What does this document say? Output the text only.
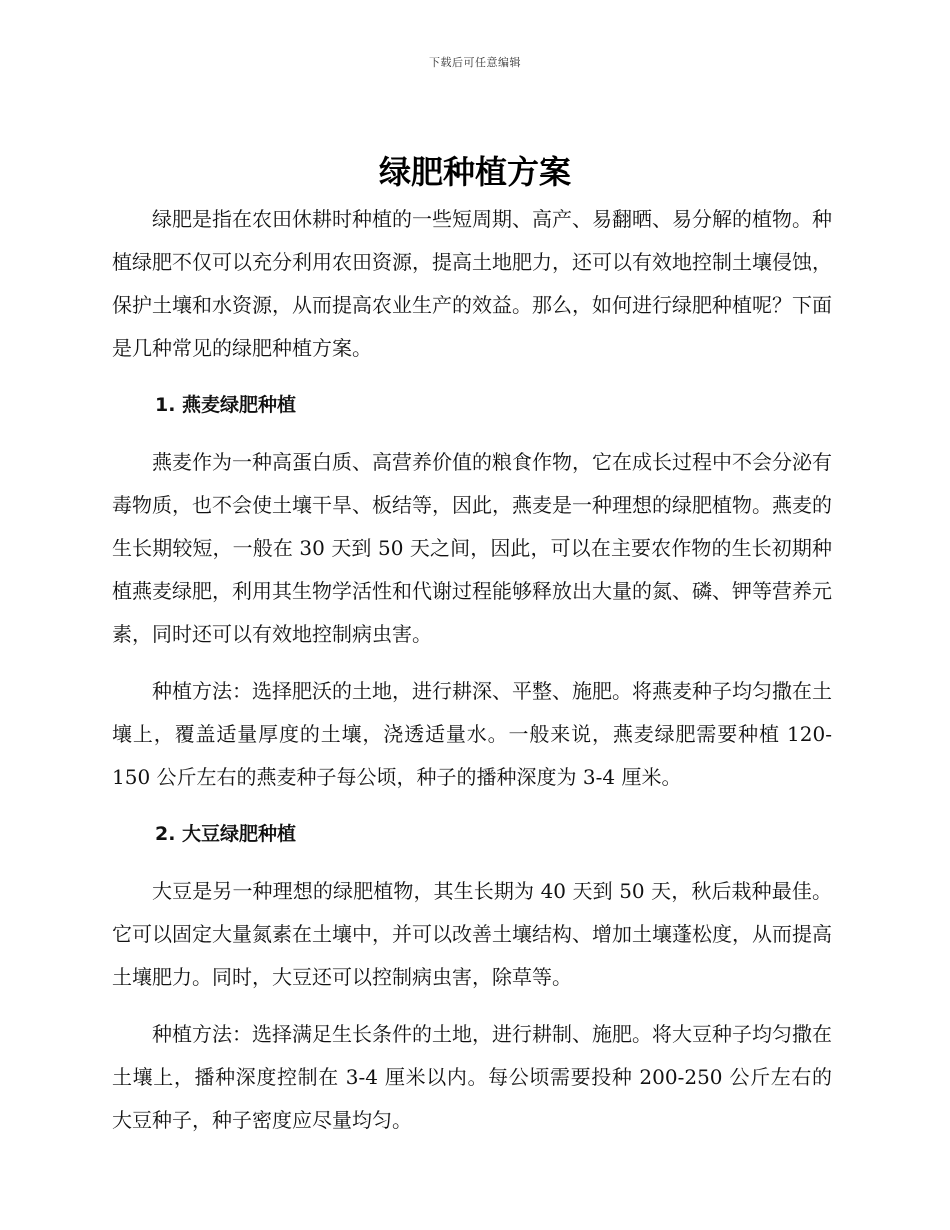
下载后可任意编辑
绿肥种植方案

绿肥是指在农田休耕时种植的一些短周期、高产、易翻晒、易分解的植物。种植绿肥不仅可以充分利用农田资源，提高土地肥力，还可以有效地控制土壤侵蚀，保护土壤和水资源，从而提高农业生产的效益。那么，如何进行绿肥种植呢？下面是几种常见的绿肥种植方案。

1. 燕麦绿肥种植

燕麦作为一种高蛋白质、高营养价值的粮食作物，它在成长过程中不会分泌有毒物质，也不会使土壤干旱、板结等，因此，燕麦是一种理想的绿肥植物。燕麦的生长期较短，一般在 30 天到 50 天之间，因此，可以在主要农作物的生长初期种植燕麦绿肥，利用其生物学活性和代谢过程能够释放出大量的氮、磷、钾等营养元素，同时还可以有效地控制病虫害。

种植方法：选择肥沃的土地，进行耕深、平整、施肥。将燕麦种子均匀撒在土壤上，覆盖适量厚度的土壤，浇透适量水。一般来说，燕麦绿肥需要种植 120-150 公斤左右的燕麦种子每公顷，种子的播种深度为 3-4 厘米。

2. 大豆绿肥种植

大豆是另一种理想的绿肥植物，其生长期为 40 天到 50 天，秋后栽种最佳。它可以固定大量氮素在土壤中，并可以改善土壤结构、增加土壤蓬松度，从而提高土壤肥力。同时，大豆还可以控制病虫害，除草等。

种植方法：选择满足生长条件的土地，进行耕制、施肥。将大豆种子均匀撒在土壤上，播种深度控制在 3-4 厘米以内。每公顷需要投种 200-250 公斤左右的大豆种子，种子密度应尽量均匀。
